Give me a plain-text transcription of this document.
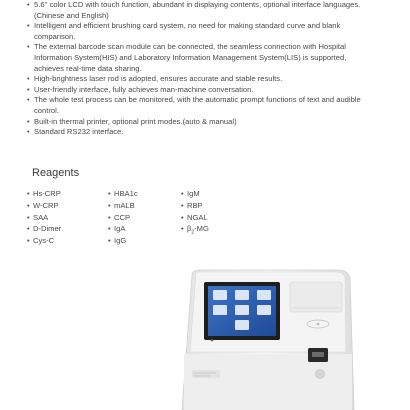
• 5.6'' color LCD with touch function, abundant in displaying contents, optional interface languages.(Chinese and English)
• Intelligent and efficient brushing card system, no need for making standard curve and blank comparison.
• The external barcode scan module can be connected, the seamless connection with Hospital Information System(HIS) and Laboratory Information Management System(LIS) is supported, achieves real-time data sharing.
• High-brightness laser rod is adopted, ensures accurate and stable results.
• User-friendly interface, fully achieves man-machine conversation.
• The whole test process can be monitored, with the automatic prompt functions of text and audible control.
• Built-in thermal printer, optional print modes.(auto & manual)
• Standard RS232 interface.
Reagents
• Hs-CRP
• W-CRP
• SAA
• D-Dimer
• Cys-C
• HBA1c
• mALB
• CCP
• IgA
• IgG
• IgM
• RBP
• NGAL
• $\beta_2-MG$
